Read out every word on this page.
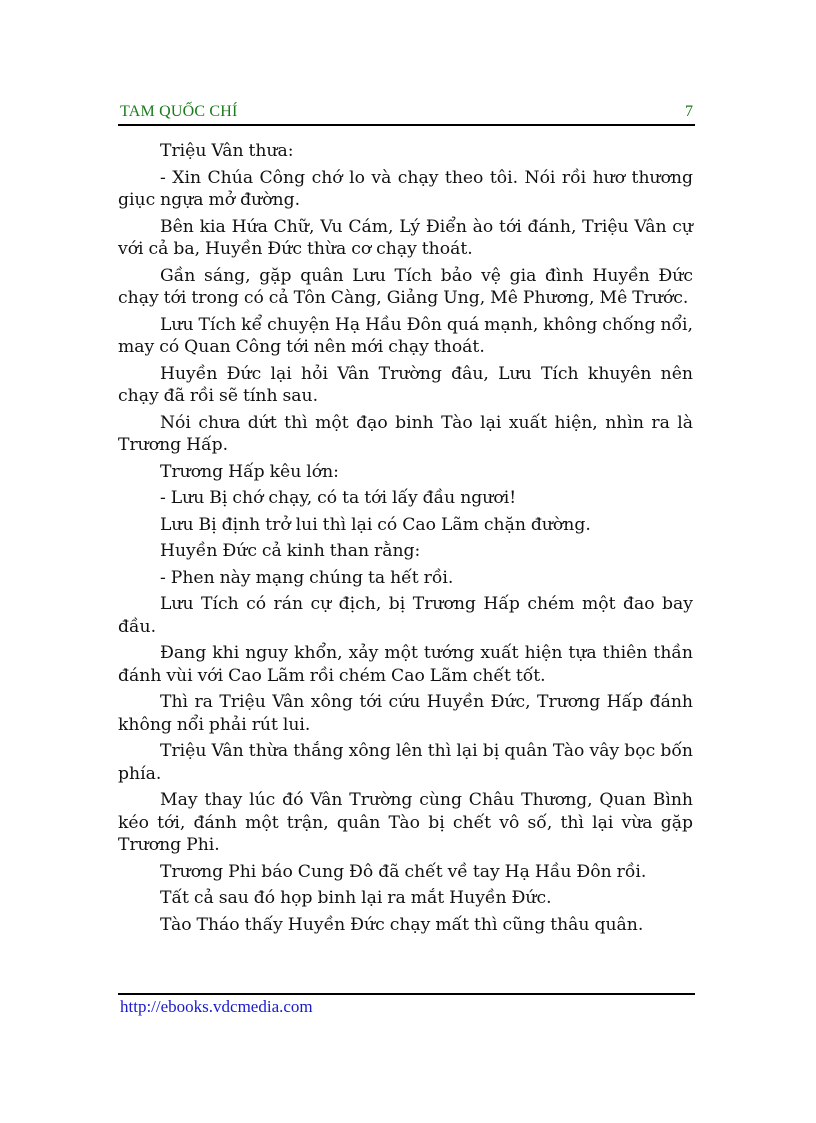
TAM QUỐC CHÍ	7

Triệu Vân thưa:

- Xin Chúa Công chớ lo và chạy theo tôi. Nói rồi hươ thương giục ngựa mở đường.

Bên kia Hứa Chữ, Vu Cám, Lý Điển ào tới đánh, Triệu Vân cự với cả ba, Huyền Đức thừa cơ chạy thoát.

Gần sáng, gặp quân Lưu Tích bảo vệ gia đình Huyền Đức chạy tới trong có cả Tôn Càng, Giảng Ung, Mê Phương, Mê Trước.

Lưu Tích kể chuyện Hạ Hầu Đôn quá mạnh, không chống nổi, may có Quan Công tới nên mới chạy thoát.

Huyền Đức lại hỏi Vân Trường đâu, Lưu Tích khuyên nên chạy đã rồi sẽ tính sau.

Nói chưa dứt thì một đạo binh Tào lại xuất hiện, nhìn ra là Trương Hấp.

Trương Hấp kêu lớn:

- Lưu Bị chớ chạy, có ta tới lấy đầu ngươi!

Lưu Bị định trở lui thì lại có Cao Lãm chặn đường.

Huyền Đức cả kinh than rằng:

- Phen này mạng chúng ta hết rồi.

Lưu Tích có rán cự địch, bị Trương Hấp chém một đao bay đầu.

Đang khi nguy khổn, xảy một tướng xuất hiện tựa thiên thần đánh vùi với Cao Lãm rồi chém Cao Lãm chết tốt.

Thì ra Triệu Vân xông tới cứu Huyền Đức, Trương Hấp đánh không nổi phải rút lui.

Triệu Vân thừa thắng xông lên thì lại bị quân Tào vây bọc bốn phía.

May thay lúc đó Vân Trường cùng Châu Thương, Quan Bình kéo tới, đánh một trận, quân Tào bị chết vô số, thì lại vừa gặp Trương Phi.

Trương Phi báo Cung Đô đã chết về tay Hạ Hầu Đôn rồi.

Tất cả sau đó họp binh lại ra mắt Huyền Đức.

Tào Tháo thấy Huyền Đức chạy mất thì cũng thâu quân.

http://ebooks.vdcmedia.com
